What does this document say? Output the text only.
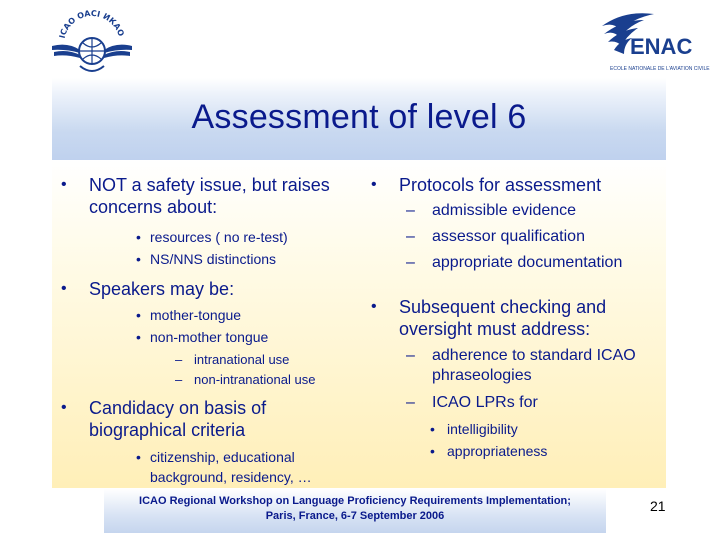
ICAO OACI ИКАО
ENAC
ECOLE NATIONALE DE L'AVIATION CIVILE
Assessment of level 6
• NOT a safety issue, but raises concerns about:
• resources ( no re-test)
• NS/NNS distinctions
• Speakers may be:
• mother-tongue
• non-mother tongue
– intranational use
– non-intranational use
• Candidacy on basis of biographical criteria
• citizenship, educational background, residency, …
• Protocols for assessment
– admissible evidence
– assessor qualification
– appropriate documentation
• Subsequent checking and oversight must address:
– adherence to standard ICAO phraseologies
– ICAO LPRs for
• intelligibility
• appropriateness
ICAO Regional Workshop on Language Proficiency Requirements Implementation;
Paris, France, 6-7 September 2006
21
